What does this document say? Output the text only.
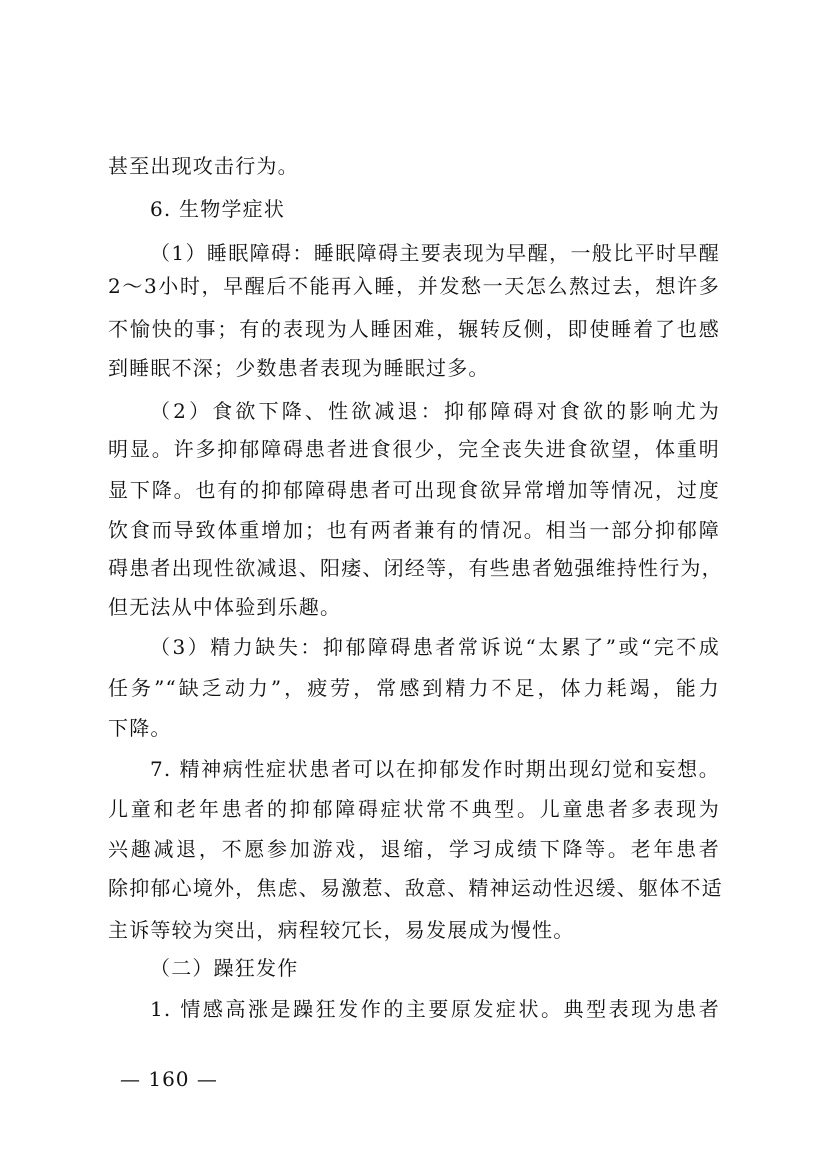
甚至出现攻击行为。
6. 生物学症状
（1）睡眠障碍：睡眠障碍主要表现为早醒，一般比平时早醒
2～3小时，早醒后不能再入睡，并发愁一天怎么熬过去，想许多
不愉快的事；有的表现为人睡困难，辗转反侧，即使睡着了也感
到睡眠不深；少数患者表现为睡眠过多。
（2）食欲下降、性欲减退：抑郁障碍对食欲的影响尤为
明显。许多抑郁障碍患者进食很少，完全丧失进食欲望，体重明
显下降。也有的抑郁障碍患者可出现食欲异常增加等情况，过度
饮食而导致体重增加；也有两者兼有的情况。相当一部分抑郁障
碍患者出现性欲减退、阳痿、闭经等，有些患者勉强维持性行为，
但无法从中体验到乐趣。
（3）精力缺失：抑郁障碍患者常诉说“太累了”或“完不成
任务”“缺乏动力”，疲劳，常感到精力不足，体力耗竭，能力
下降。
7. 精神病性症状患者可以在抑郁发作时期出现幻觉和妄想。
儿童和老年患者的抑郁障碍症状常不典型。儿童患者多表现为
兴趣减退，不愿参加游戏，退缩，学习成绩下降等。老年患者
除抑郁心境外，焦虑、易激惹、敌意、精神运动性迟缓、躯体不适
主诉等较为突出，病程较冗长，易发展成为慢性。
（二）躁狂发作
1. 情感高涨是躁狂发作的主要原发症状。典型表现为患者
— 160 —
